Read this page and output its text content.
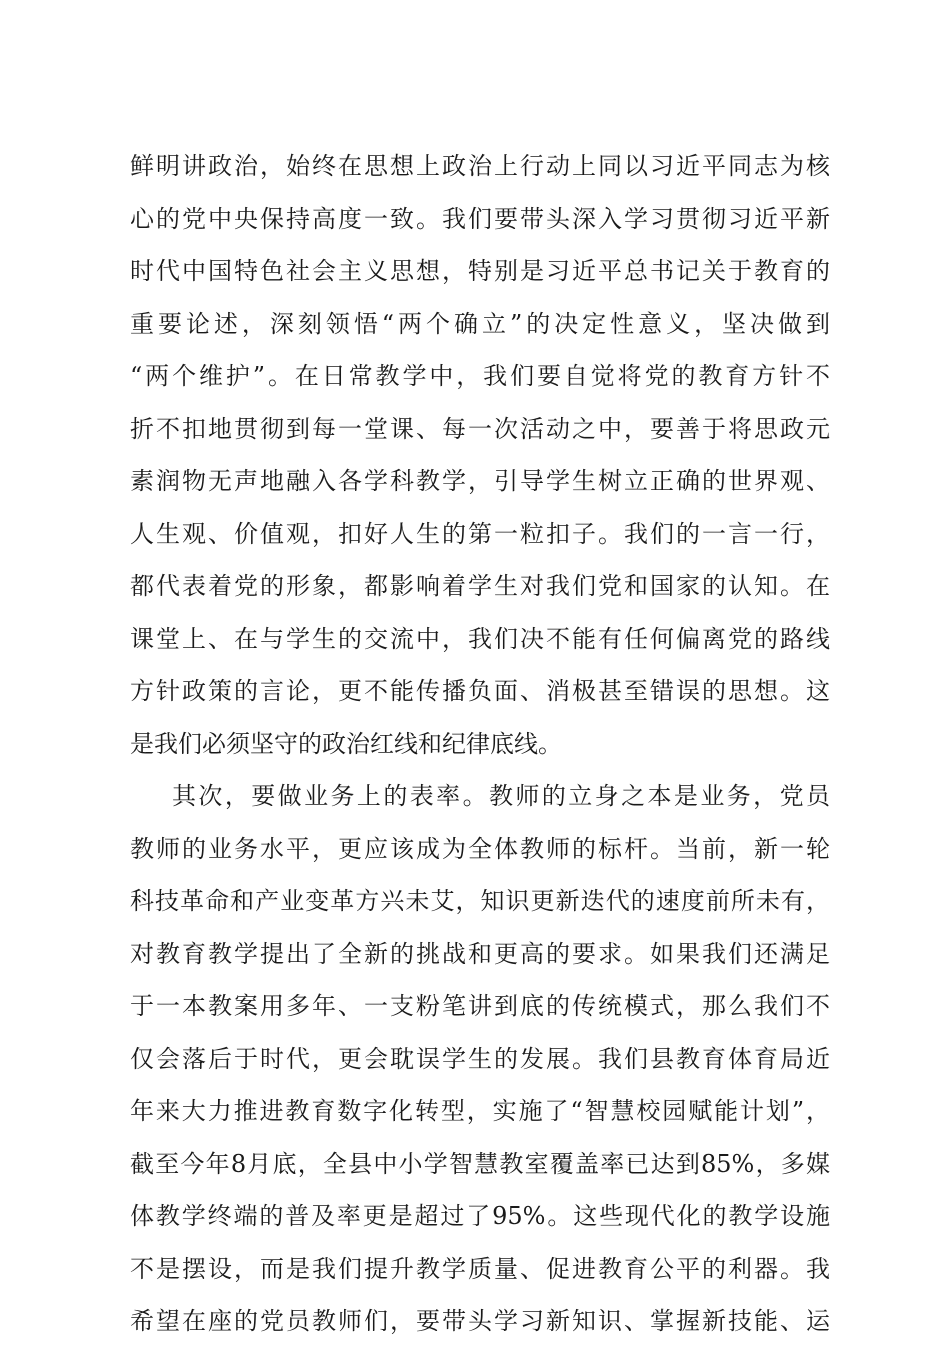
鲜明讲政治，始终在思想上政治上行动上同以习近平同志为核
心的党中央保持高度一致。我们要带头深入学习贯彻习近平新
时代中国特色社会主义思想，特别是习近平总书记关于教育的
重要论述，深刻领悟“两个确立”的决定性意义，坚决做到
“两个维护”。在日常教学中，我们要自觉将党的教育方针不
折不扣地贯彻到每一堂课、每一次活动之中，要善于将思政元
素润物无声地融入各学科教学，引导学生树立正确的世界观、
人生观、价值观，扣好人生的第一粒扣子。我们的一言一行，
都代表着党的形象，都影响着学生对我们党和国家的认知。在
课堂上、在与学生的交流中，我们决不能有任何偏离党的路线
方针政策的言论，更不能传播负面、消极甚至错误的思想。这
是我们必须坚守的政治红线和纪律底线。
其次，要做业务上的表率。教师的立身之本是业务，党员
教师的业务水平，更应该成为全体教师的标杆。当前，新一轮
科技革命和产业变革方兴未艾，知识更新迭代的速度前所未有，
对教育教学提出了全新的挑战和更高的要求。如果我们还满足
于一本教案用多年、一支粉笔讲到底的传统模式，那么我们不
仅会落后于时代，更会耽误学生的发展。我们县教育体育局近
年来大力推进教育数字化转型，实施了“智慧校园赋能计划”，
截至今年8月底，全县中小学智慧教室覆盖率已达到85%，多媒
体教学终端的普及率更是超过了95%。这些现代化的教学设施
不是摆设，而是我们提升教学质量、促进教育公平的利器。我
希望在座的党员教师们，要带头学习新知识、掌握新技能、运
